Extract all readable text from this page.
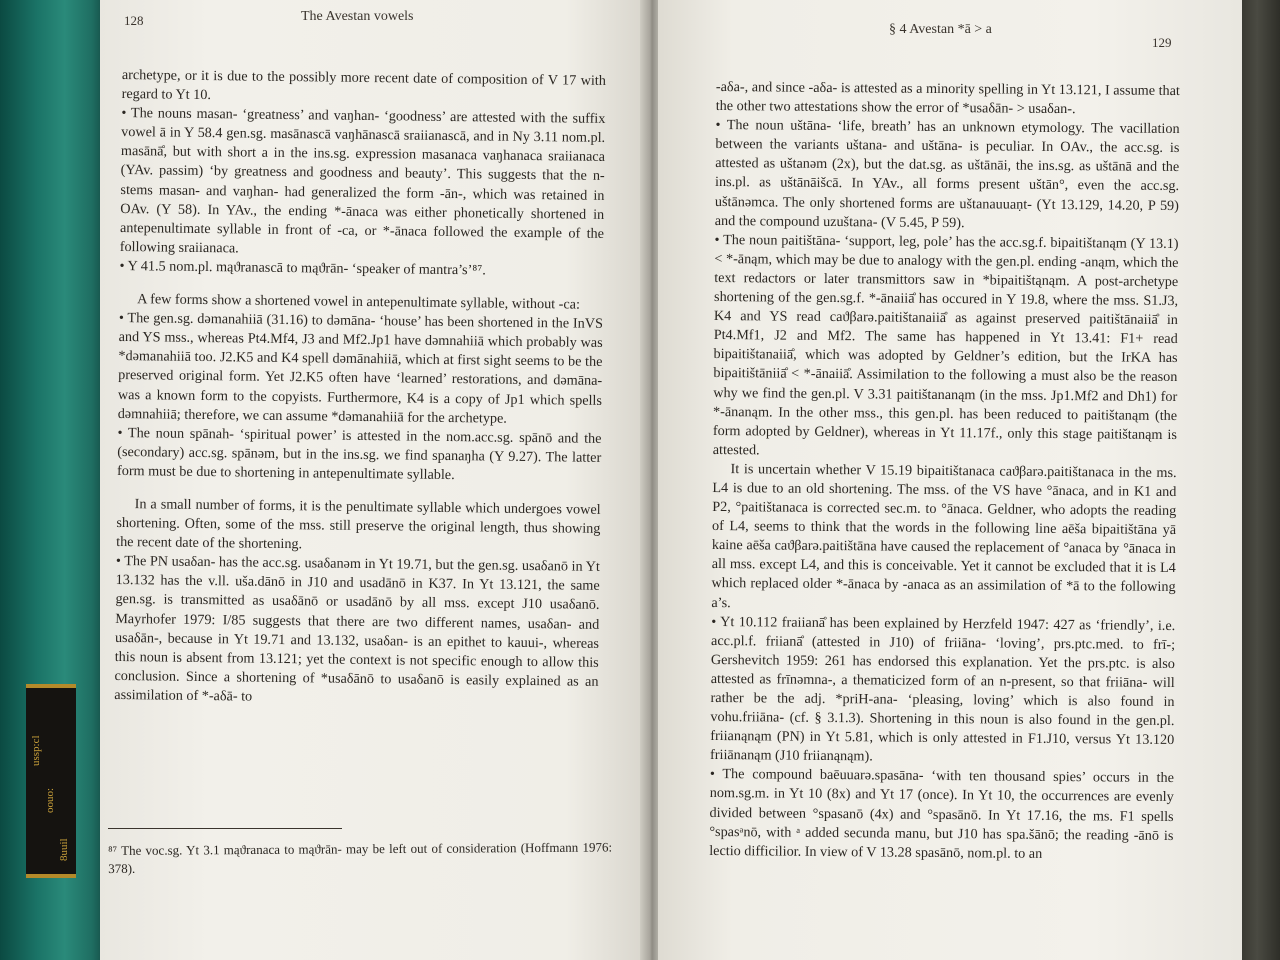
ussp:cl
oouo:
8uuil
128	The Avestan vowels
§ 4 Avestan *ā > a
129

archetype, or it is due to the possibly more recent date of composition of V 17 with regard to Yt 10.

• The nouns masan- ‘greatness’ and vaŋhan- ‘goodness’ are attested with the suffix vowel ā in Y 58.4 gen.sg. masānascā vaŋhānascā sraiianascā, and in Ny 3.11 nom.pl. masānā̊, but with short a in the ins.sg. expression masanaca vaŋhanaca sraiianaca (YAv. passim) ‘by greatness and goodness and beauty’. This suggests that the n-stems masan- and vaŋhan- had generalized the form -ān-, which was retained in OAv. (Y 58). In YAv., the ending *-ānaca was either phonetically shortened in antepenultimate syllable in front of -ca, or *-ānaca followed the example of the following sraiianaca.

• Y 41.5 nom.pl. mąϑranascā to mąϑrān- ‘speaker of mantra’s’⁸⁷.

A few forms show a shortened vowel in antepenultimate syllable, without -ca:

• The gen.sg. dəmanahiiā (31.16) to dəmāna- ‘house’ has been shortened in the InVS and YS mss., whereas Pt4.Mf4, J3 and Mf2.Jp1 have dəmnahiiā which probably was *dəmanahiiā too. J2.K5 and K4 spell dəmānahiiā, which at first sight seems to be the preserved original form. Yet J2.K5 often have ‘learned’ restorations, and dəmāna- was a known form to the copyists. Furthermore, K4 is a copy of Jp1 which spells dəmnahiiā; therefore, we can assume *dəmanahiiā for the archetype.

• The noun spānah- ‘spiritual power’ is attested in the nom.acc.sg. spānō and the (secondary) acc.sg. spānəm, but in the ins.sg. we find spanaŋha (Y 9.27). The latter form must be due to shortening in antepenultimate syllable.

In a small number of forms, it is the penultimate syllable which undergoes vowel shortening. Often, some of the mss. still preserve the original length, thus showing the recent date of the shortening.

• The PN usaδan- has the acc.sg. usaδanəm in Yt 19.71, but the gen.sg. usaδanō in Yt 13.132 has the v.ll. uša.dānō in J10 and usadānō in K37. In Yt 13.121, the same gen.sg. is transmitted as usaδānō or usadānō by all mss. except J10 usaδanō. Mayrhofer 1979: I/85 suggests that there are two different names, usaδan- and usaδān-, because in Yt 19.71 and 13.132, usaδan- is an epithet to kauui-, whereas this noun is absent from 13.121; yet the context is not specific enough to allow this conclusion. Since a shortening of *usaδānō to usaδanō is easily explained as an assimilation of *-aδā- to

⁸⁷ The voc.sg. Yt 3.1 mąϑranaca to mąϑrān- may be left out of consideration (Hoffmann 1976: 378).

-aδa-, and since -aδa- is attested as a minority spelling in Yt 13.121, I assume that the other two attestations show the error of *usaδān- > usaδan-.

• The noun uštāna- ‘life, breath’ has an unknown etymology. The vacillation between the variants uštana- and uštāna- is peculiar. In OAv., the acc.sg. is attested as uštanəm (2x), but the dat.sg. as uštānāi, the ins.sg. as uštānā and the ins.pl. as uštānāišcā. In YAv., all forms present uštān°, even the acc.sg. uštānəmca. The only shortened forms are uštanauuaṇt- (Yt 13.129, 14.20, P 59) and the compound uzuštana- (V 5.45, P 59).

• The noun paitištāna- ‘support, leg, pole’ has the acc.sg.f. bipaitištanąm (Y 13.1) < *-ānąm, which may be due to analogy with the gen.pl. ending -anąm, which the text redactors or later transmittors saw in *bipaitištąnąm. A post-archetype shortening of the gen.sg.f. *-ānaiiā̊ has occured in Y 19.8, where the mss. S1.J3, K4 and YS read caϑβarə.paitištanaiiā̊ as against preserved paitištānaiiā̊ in Pt4.Mf1, J2 and Mf2. The same has happened in Yt 13.41: F1+ read bipaitištanaiiā̊, which was adopted by Geldner’s edition, but the IrKA has bipaitištāniiā̊ < *-ānaiiā̊. Assimilation to the following a must also be the reason why we find the gen.pl. V 3.31 paitištananąm (in the mss. Jp1.Mf2 and Dh1) for *-ānanąm. In the other mss., this gen.pl. has been reduced to paitištanąm (the form adopted by Geldner), whereas in Yt 11.17f., only this stage paitištanąm is attested.

It is uncertain whether V 15.19 bipaitištanaca caϑβarə.paitištanaca in the ms. L4 is due to an old shortening. The mss. of the VS have °ānaca, and in K1 and P2, °paitištanaca is corrected sec.m. to °ānaca. Geldner, who adopts the reading of L4, seems to think that the words in the following line aēša bipaitištāna yā kaine aēša caϑβarə.paitištāna have caused the replacement of °anaca by °ānaca in all mss. except L4, and this is conceivable. Yet it cannot be excluded that it is L4 which replaced older *-ānaca by -anaca as an assimilation of *ā to the following a’s.

• Yt 10.112 fraiianā̊ has been explained by Herzfeld 1947: 427 as ‘friendly’, i.e. acc.pl.f. friianā̊ (attested in J10) of friiāna- ‘loving’, prs.ptc.med. to frī-; Gershevitch 1959: 261 has endorsed this explanation. Yet the prs.ptc. is also attested as frīnəmna-, a thematicized form of an n-present, so that friiāna- will rather be the adj. *priH-ana- ‘pleasing, loving’ which is also found in vohu.friiāna- (cf. § 3.1.3). Shortening in this noun is also found in the gen.pl. friianąnąm (PN) in Yt 5.81, which is only attested in F1.J10, versus Yt 13.120 friiānanąm (J10 friianąnąm).

• The compound baēuuarə.spasāna- ‘with ten thousand spies’ occurs in the nom.sg.m. in Yt 10 (8x) and Yt 17 (once). In Yt 10, the occurrences are evenly divided between °spasanō (4x) and °spasānō. In Yt 17.16, the ms. F1 spells °spasᵃnō, with ᵃ added secunda manu, but J10 has spa.šānō; the reading -ānō is lectio difficilior. In view of V 13.28 spasānō, nom.pl. to an
